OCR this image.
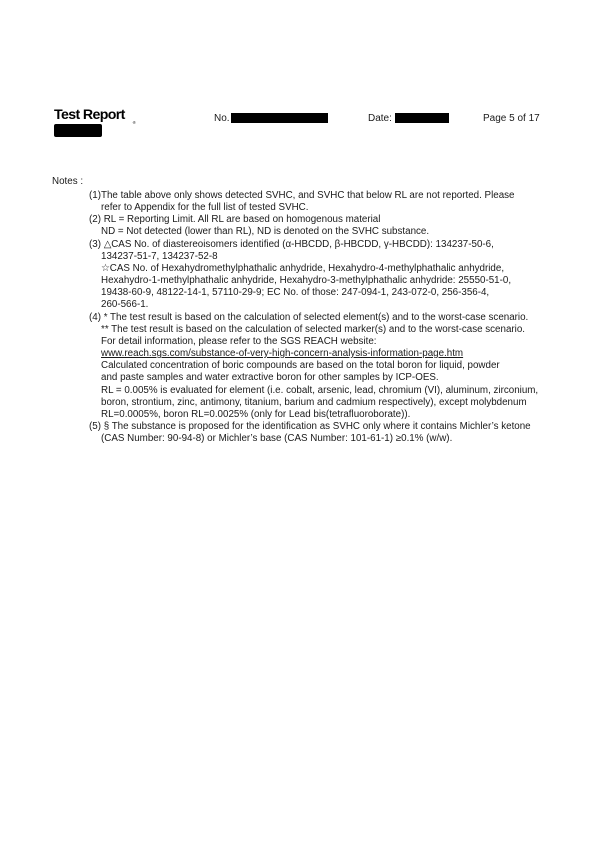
Test Report
®	No.	Date:	Page 5 of 17
Notes :

(1)The table above only shows detected SVHC, and SVHC that below RL are not reported. Please

refer to Appendix for the full list of tested SVHC.

(2) RL = Reporting Limit. All RL are based on homogenous material

ND = Not detected (lower than RL), ND is denoted on the SVHC substance.

(3) △CAS No. of diastereoisomers identified (α-HBCDD, β-HBCDD, γ-HBCDD): 134237-50-6,

134237-51-7, 134237-52-8

☆CAS No. of Hexahydromethylphathalic anhydride, Hexahydro-4-methylphathalic anhydride,

Hexahydro-1-methylphathalic anhydride, Hexahydro-3-methylphathalic anhydride: 25550-51-0,

19438-60-9, 48122-14-1, 57110-29-9; EC No. of those: 247-094-1, 243-072-0, 256-356-4,

260-566-1.

(4) * The test result is based on the calculation of selected element(s) and to the worst-case scenario.

** The test result is based on the calculation of selected marker(s) and to the worst-case scenario.

For detail information, please refer to the SGS REACH website:

www.reach.sgs.com/substance-of-very-high-concern-analysis-information-page.htm

Calculated concentration of boric compounds are based on the total boron for liquid, powder

and paste samples and water extractive boron for other samples by ICP-OES.

RL = 0.005% is evaluated for element (i.e. cobalt, arsenic, lead, chromium (VI), aluminum, zirconium,

boron, strontium, zinc, antimony, titanium, barium and cadmium respectively), except molybdenum

RL=0.0005%, boron RL=0.0025% (only for Lead bis(tetrafluoroborate)).

(5) § The substance is proposed for the identification as SVHC only where it contains Michler’s ketone

(CAS Number: 90-94-8) or Michler’s base (CAS Number: 101-61-1) ≥0.1% (w/w).
